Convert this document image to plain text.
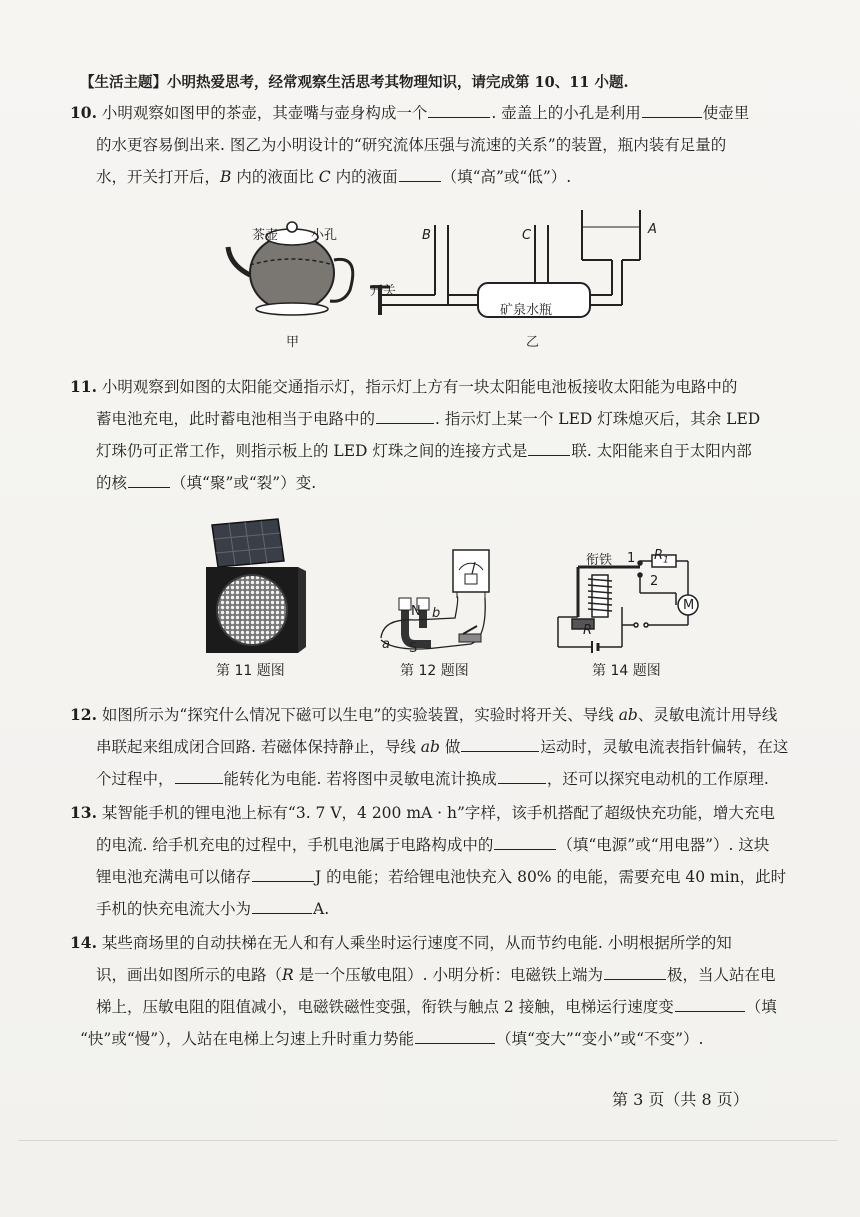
【生活主题】小明热爱思考，经常观察生活思考其物理知识，请完成第 10、11 小题.
10. 小明观察如图甲的茶壶，其壶嘴与壶身构成一个	. 壶盖上的小孔是利用	使壶里
的水更容易倒出来. 图乙为小明设计的“研究流体压强与流速的关系”的装置，瓶内装有足量的
水，开关打开后，B 内的液面比 C 内的液面	（填“高”或“低”）.
茶壶	小孔
甲	乙
开关
矿泉水瓶
B	C	A
11. 小明观察到如图的太阳能交通指示灯，指示灯上方有一块太阳能电池板接收太阳能为电路中的
蓄电池充电，此时蓄电池相当于电路中的	. 指示灯上某一个 LED 灯珠熄灭后，其余 LED
灯珠仍可正常工作，则指示板上的 LED 灯珠之间的连接方式是	联. 太阳能来自于太阳内部
的核	（填“聚”或“裂”）变.
N b
a S
衔铁 1
2
$R_1$
R
M
第 11 题图	第 12 题图	第 14 题图
12. 如图所示为“探究什么情况下磁可以生电”的实验装置，实验时将开关、导线 ab、灵敏电流计用导线
串联起来组成闭合回路. 若磁体保持静止，导线 ab 做	运动时，灵敏电流表指针偏转，在这
个过程中，	能转化为电能. 若将图中灵敏电流计换成	，还可以探究电动机的工作原理.
13. 某智能手机的锂电池上标有“3. 7 V，4 200 mA · h”字样，该手机搭配了超级快充功能，增大充电
的电流. 给手机充电的过程中，手机电池属于电路构成中的	（填“电源”或“用电器”）. 这块
锂电池充满电可以储存	J 的电能；若给锂电池快充入 80% 的电能，需要充电 40 min，此时
手机的快充电流大小为	A.
14. 某些商场里的自动扶梯在无人和有人乘坐时运行速度不同，从而节约电能. 小明根据所学的知
识，画出如图所示的电路（R 是一个压敏电阻）. 小明分析：电磁铁上端为	极，当人站在电
梯上，压敏电阻的阻值减小，电磁铁磁性变强，衔铁与触点 2 接触，电梯运行速度变	（填
“快”或“慢”），人站在电梯上匀速上升时重力势能	（填“变大”“变小”或“不变”）.
第 3 页（共 8 页）
